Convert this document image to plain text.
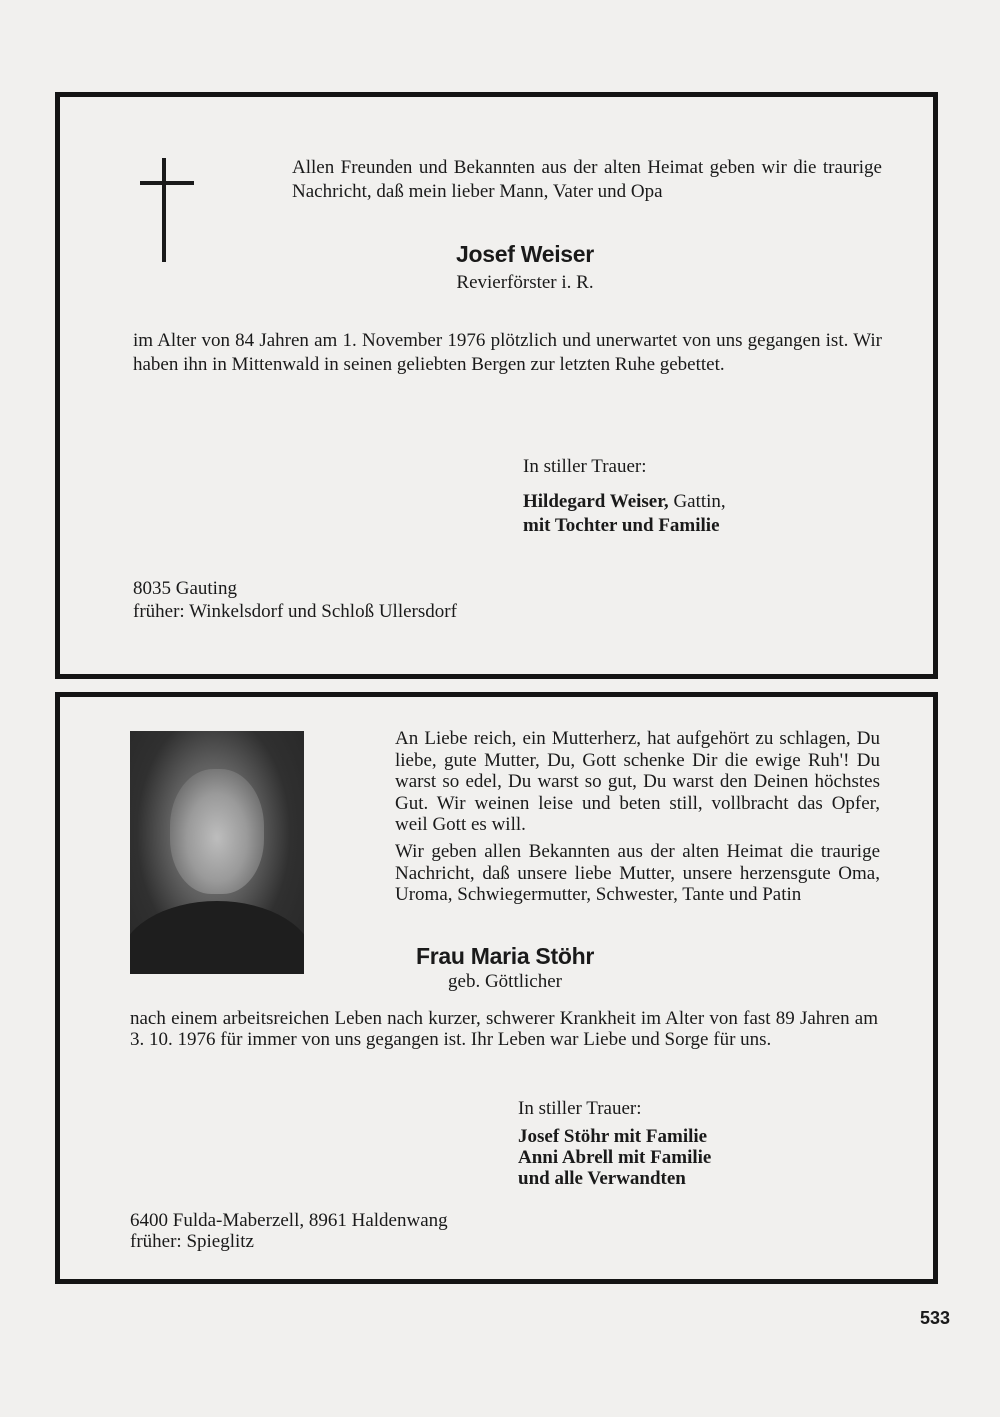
Allen Freunden und Bekannten aus der alten Heimat geben wir die traurige Nachricht, daß mein lieber Mann, Vater und Opa
Josef Weiser
Revierförster i. R.
im Alter von 84 Jahren am 1. November 1976 plötzlich und unerwartet von uns gegangen ist. Wir haben ihn in Mittenwald in seinen geliebten Bergen zur letzten Ruhe gebettet.
In stiller Trauer:
Hildegard Weiser, Gattin,
mit Tochter und Familie
8035 Gauting
früher: Winkelsdorf und Schloß Ullersdorf
An Liebe reich, ein Mutterherz, hat aufgehört zu schlagen, Du liebe, gute Mutter, Du, Gott schenke Dir die ewige Ruh'! Du warst so edel, Du warst so gut, Du warst den Deinen höchstes Gut. Wir weinen leise und beten still, vollbracht das Opfer, weil Gott es will.
Wir geben allen Bekannten aus der alten Heimat die traurige Nachricht, daß unsere liebe Mutter, unsere herzensgute Oma, Uroma, Schwiegermutter, Schwester, Tante und Patin
Frau Maria Stöhr
geb. Göttlicher
nach einem arbeitsreichen Leben nach kurzer, schwerer Krankheit im Alter von fast 89 Jahren am 3. 10. 1976 für immer von uns gegangen ist. Ihr Leben war Liebe und Sorge für uns.
In stiller Trauer:
Josef Stöhr mit Familie
Anni Abrell mit Familie
und alle Verwandten
6400 Fulda-Maberzell, 8961 Haldenwang
früher: Spieglitz
533
